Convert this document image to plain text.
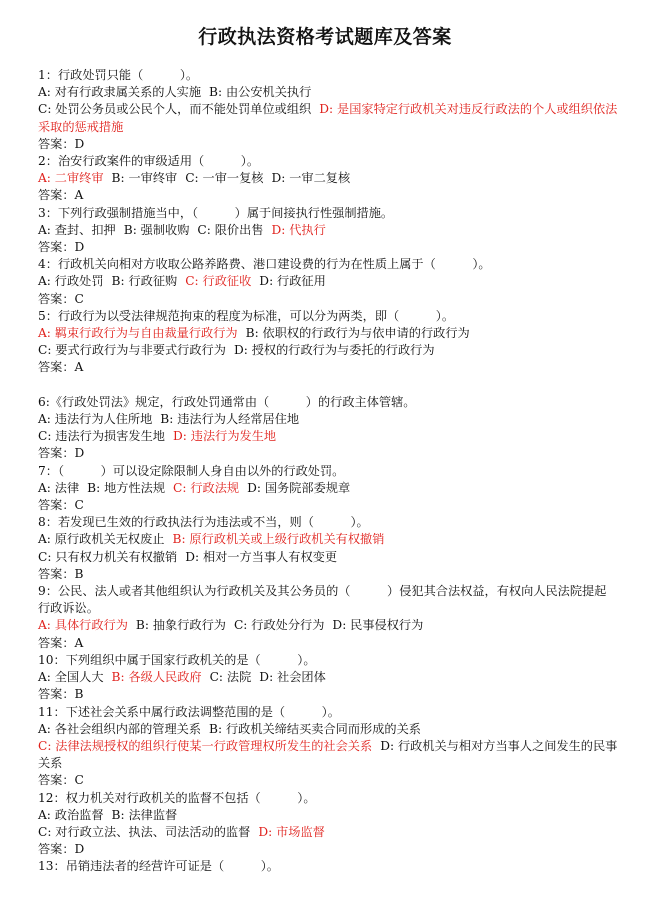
行政执法资格考试题库及答案
1：行政处罚只能（　　　）。
A: 对有行政隶属关系的人实施 B: 由公安机关执行
C: 处罚公务员或公民个人，而不能处罚单位或组织 D: 是国家特定行政机关对违反行政法的个人或组织依法采取的惩戒措施
答案：D
2：治安行政案件的审级适用（　　　）。
A: 二审终审 B: 一审终审 C: 一审一复核 D: 一审二复核
答案：A
3：下列行政强制措施当中，（　　　）属于间接执行性强制措施。
A: 查封、扣押 B: 强制收购 C: 限价出售 D: 代执行
答案：D
4：行政机关向相对方收取公路养路费、港口建设费的行为在性质上属于（　　　）。
A: 行政处罚 B: 行政征购 C: 行政征收 D: 行政征用
答案：C
5：行政行为以受法律规范拘束的程度为标准，可以分为两类，即（　　　）。
A: 羁束行政行为与自由裁量行政行为 B: 依职权的行政行为与依申请的行政行为
C: 要式行政行为与非要式行政行为 D: 授权的行政行为与委托的行政行为
答案：A
6:《行政处罚法》规定，行政处罚通常由（　　　）的行政主体管辖。
A: 违法行为人住所地 B: 违法行为人经常居住地
C: 违法行为损害发生地 D: 违法行为发生地
答案：D
7：（　　　）可以设定除限制人身自由以外的行政处罚。
A: 法律 B: 地方性法规 C: 行政法规 D: 国务院部委规章
答案：C
8：若发现已生效的行政执法行为违法或不当，则（　　　）。
A: 原行政机关无权废止 B: 原行政机关或上级行政机关有权撤销
C: 只有权力机关有权撤销 D: 相对一方当事人有权变更
答案：B
9：公民、法人或者其他组织认为行政机关及其公务员的（　　　）侵犯其合法权益，有权向人民法院提起行政诉讼。
A: 具体行政行为 B: 抽象行政行为 C: 行政处分行为 D: 民事侵权行为
答案：A
10：下列组织中属于国家行政机关的是（　　　）。
A: 全国人大 B: 各级人民政府 C: 法院 D: 社会团体
答案：B
11：下述社会关系中属行政法调整范围的是（　　　）。
A: 各社会组织内部的管理关系 B: 行政机关缔结买卖合同而形成的关系
C: 法律法规授权的组织行使某一行政管理权所发生的社会关系 D: 行政机关与相对方当事人之间发生的民事关系
答案：C
12：权力机关对行政机关的监督不包括（　　　）。
A: 政治监督 B: 法律监督
C: 对行政立法、执法、司法活动的监督 D: 市场监督
答案：D
13：吊销违法者的经营许可证是（　　　）。
